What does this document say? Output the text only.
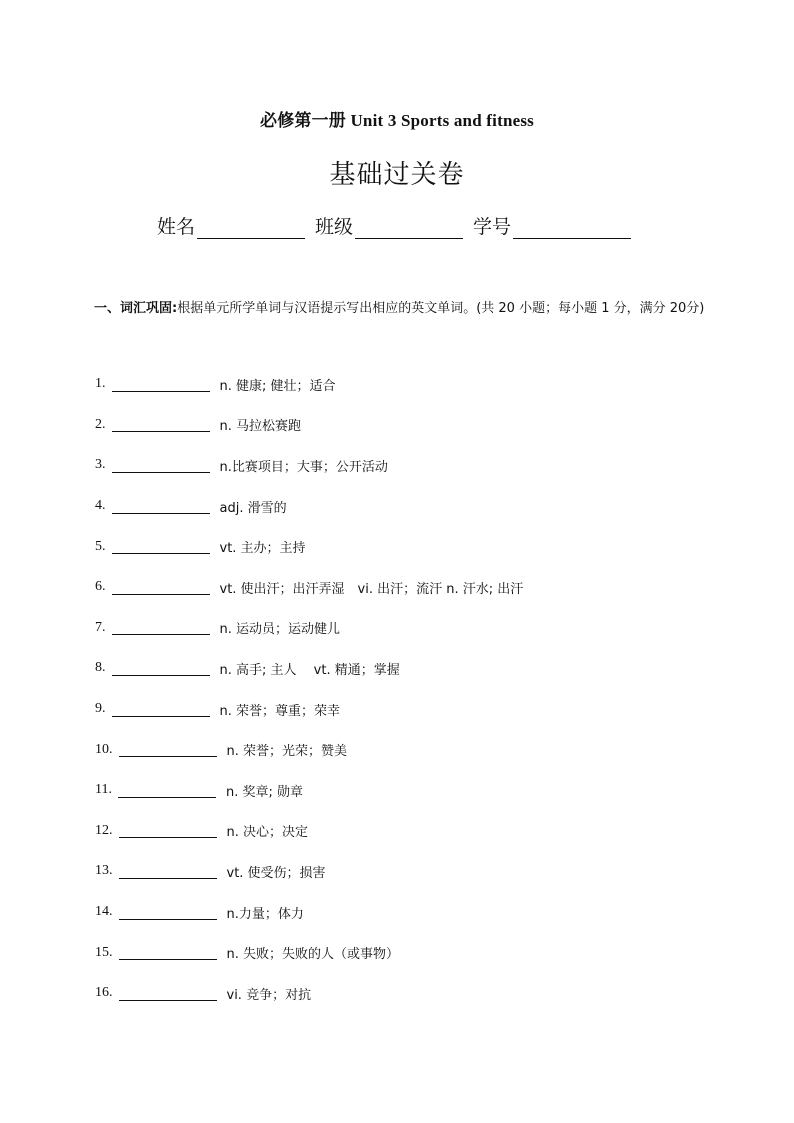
必修第一册 Unit 3 Sports and fitness
基础过关卷
姓名	班级	学号
一、词汇巩固:根据单元所学单词与汉语提示写出相应的英文单词。(共 20 小题；每小题 1 分，满分 20分)
1.	n. 健康; 健壮；适合
2.	n. 马拉松赛跑
3.	n.比赛项目；大事；公开活动
4.	adj. 滑雪的
5.	vt. 主办；主持
6.	vt. 使出汗；出汗弄湿　vi. 出汗；流汗 n. 汗水; 出汗
7.	n. 运动员；运动健儿
8.	n. 高手; 主人　 vt. 精通；掌握
9.	n. 荣誉；尊重；荣幸
10.	n. 荣誉；光荣；赞美
11.	n. 奖章; 勋章
12.	n. 决心；决定
13.	vt. 使受伤；损害
14.	n.力量；体力
15.	n. 失败；失败的人（或事物）
16.	vi. 竞争；对抗
